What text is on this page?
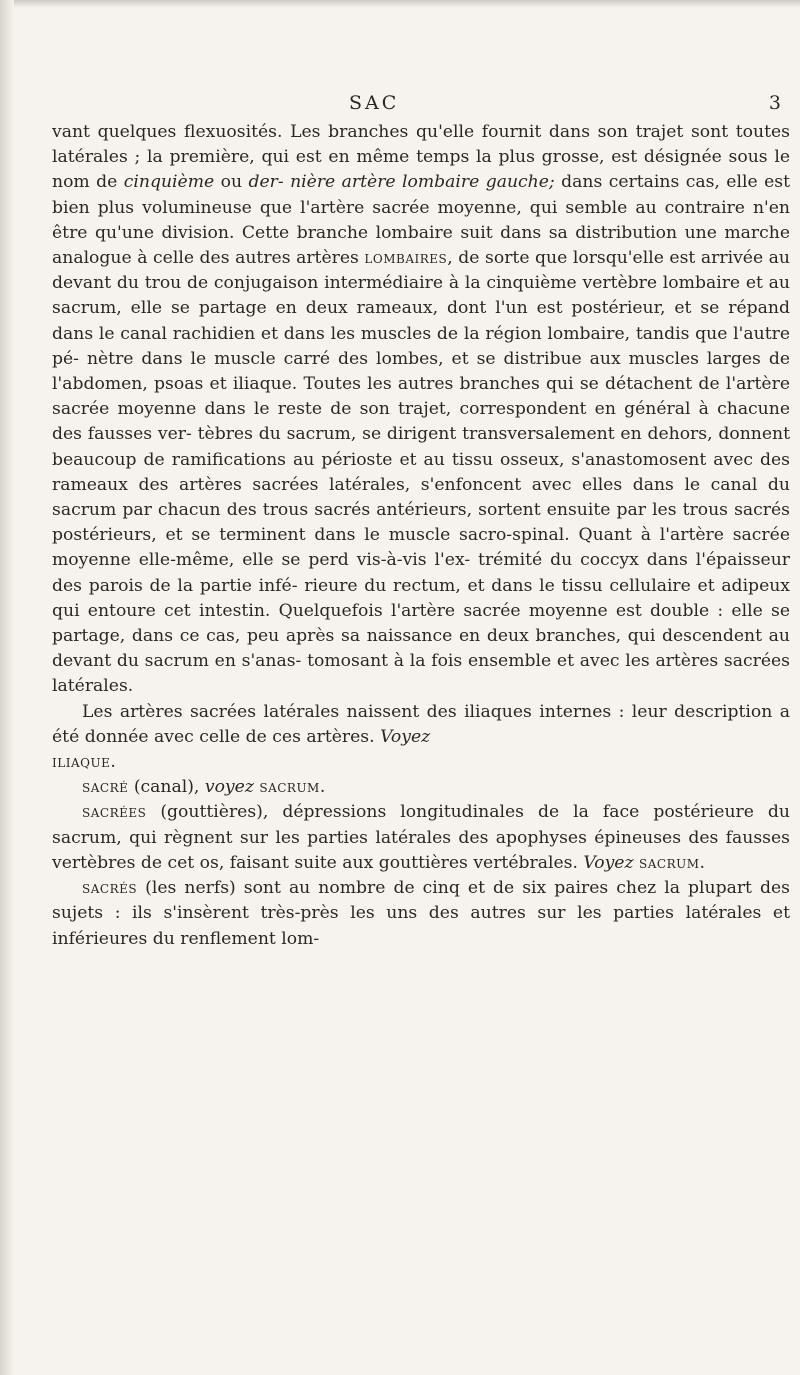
SAC	3

vant quelques flexuosités. Les branches qu'elle fournit dans son trajet sont toutes latérales ; la première, qui est en même temps la plus grosse, est désignée sous le nom de cinquième ou der- nière artère lombaire gauche; dans certains cas, elle est bien plus volumineuse que l'artère sacrée moyenne, qui semble au contraire n'en être qu'une division. Cette branche lombaire suit dans sa distribution une marche analogue à celle des autres artères lombaires, de sorte que lorsqu'elle est arrivée au devant du trou de conjugaison intermédiaire à la cinquième vertèbre lombaire et au sacrum, elle se partage en deux rameaux, dont l'un est postérieur, et se répand dans le canal rachidien et dans les muscles de la région lombaire, tandis que l'autre pé- nètre dans le muscle carré des lombes, et se distribue aux muscles larges de l'abdomen, psoas et iliaque. Toutes les autres branches qui se détachent de l'artère sacrée moyenne dans le reste de son trajet, correspondent en général à chacune des fausses ver- tèbres du sacrum, se dirigent transversalement en dehors, donnent beaucoup de ramifications au périoste et au tissu osseux, s'anastomosent avec des rameaux des artères sacrées latérales, s'enfoncent avec elles dans le canal du sacrum par chacun des trous sacrés antérieurs, sortent ensuite par les trous sacrés postérieurs, et se terminent dans le muscle sacro-spinal. Quant à l'artère sacrée moyenne elle-même, elle se perd vis-à-vis l'ex- trémité du coccyx dans l'épaisseur des parois de la partie infé- rieure du rectum, et dans le tissu cellulaire et adipeux qui entoure cet intestin. Quelquefois l'artère sacrée moyenne est double : elle se partage, dans ce cas, peu après sa naissance en deux branches, qui descendent au devant du sacrum en s'anas- tomosant à la fois ensemble et avec les artères sacrées latérales.

Les artères sacrées latérales naissent des iliaques internes : leur description a été donnée avec celle de ces artères. Voyez
iliaque.

sacré (canal), voyez sacrum.

sacrées (gouttières), dépressions longitudinales de la face postérieure du sacrum, qui règnent sur les parties latérales des apophyses épineuses des fausses vertèbres de cet os, faisant suite aux gouttières vertébrales. Voyez sacrum.

sacrés (les nerfs) sont au nombre de cinq et de six paires chez la plupart des sujets : ils s'insèrent très-près les uns des autres sur les parties latérales et inférieures du renflement lom-
